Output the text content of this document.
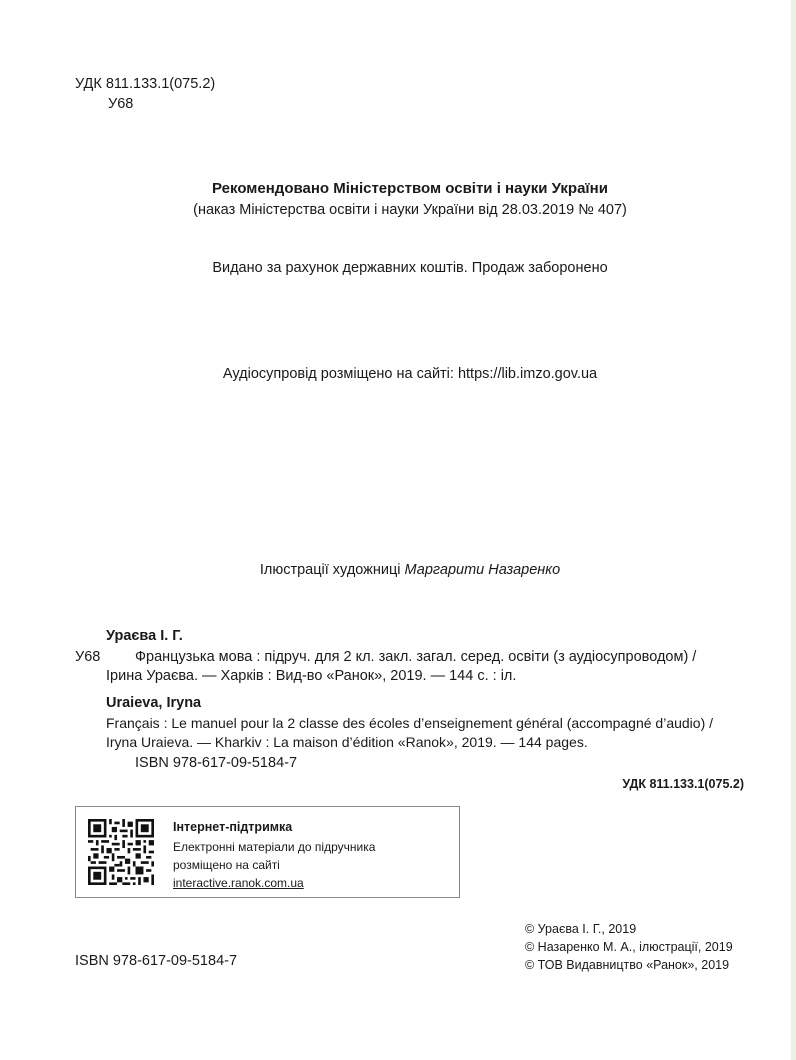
УДК 811.133.1(075.2)
У68
Рекомендовано Міністерством освіти і науки України
(наказ Міністерства освіти і науки України від 28.03.2019 № 407)
Видано за рахунок державних коштів. Продаж заборонено
Аудіосупровід розміщено на сайті: https://lib.imzo.gov.ua
Ілюстрації художниці Маргарити Назаренко
Ураєва І. Г.
У68 Французька мова : підруч. для 2 кл. закл. загал. серед. освіти (з аудіосупроводом) /
Ірина Ураєва. — Харків : Вид-во «Ранок», 2019. — 144 с. : іл.
Uraieva, Iryna
Français : Le manuel pour la 2 classe des écoles d’enseignement général (accompagné d’audio) /
Iryna Uraieva. — Kharkiv : La maison d’édition «Ranok», 2019. — 144 pages.
ISBN 978-617-09-5184-7
УДК 811.133.1(075.2)
Інтернет-підтримка
Електронні матеріали до підручника
розміщено на сайті
interactive.ranok.com.ua
ISBN 978-617-09-5184-7
© Ураєва І. Г., 2019
© Назаренко М. А., ілюстрації, 2019
© ТОВ Видавництво «Ранок», 2019
